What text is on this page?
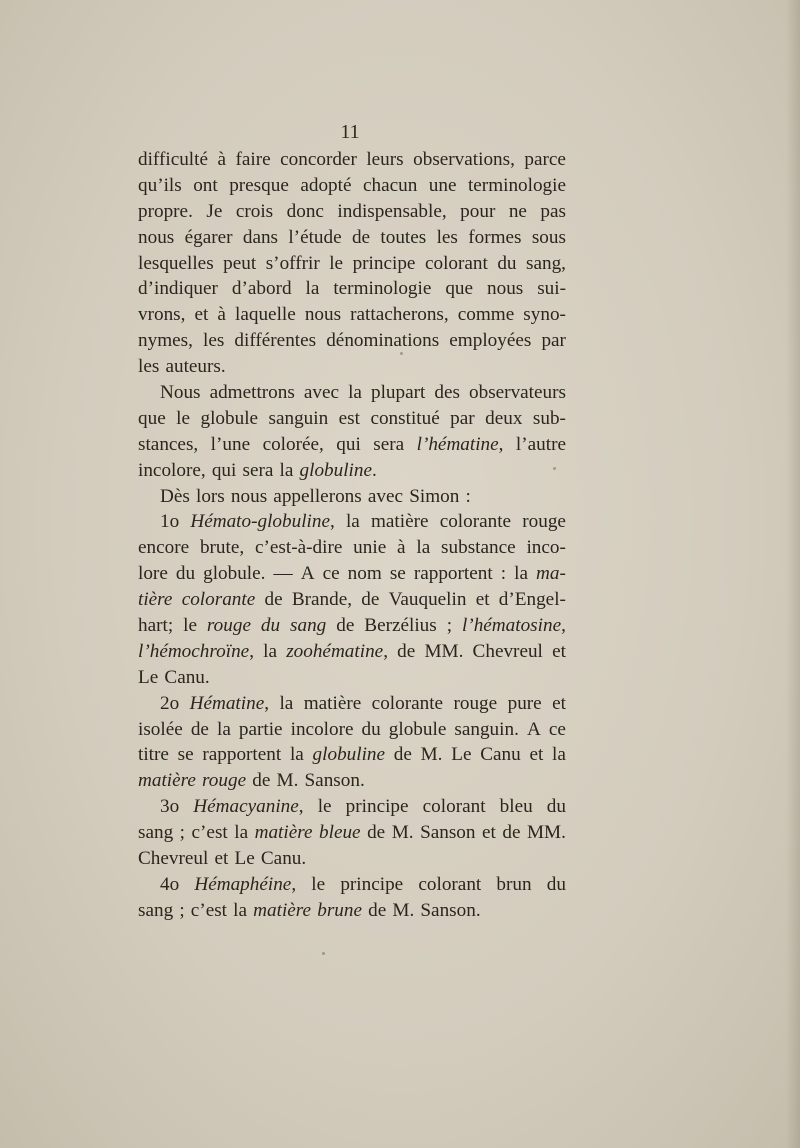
11
difficulté à faire concorder leurs observations, parce
qu’ils ont presque adopté chacun une terminologie
propre. Je crois donc indispensable, pour ne pas
nous égarer dans l’étude de toutes les formes sous
lesquelles peut s’offrir le principe colorant du sang,
d’indiquer d’abord la terminologie que nous sui-
vrons, et à laquelle nous rattacherons, comme syno-
nymes, les différentes dénominations employées par
les auteurs.
Nous admettrons avec la plupart des observateurs
que le globule sanguin est constitué par deux sub-
stances, l’une colorée, qui sera l’hématine, l’autre
incolore, qui sera la globuline.
Dès lors nous appellerons avec Simon :
1o Hémato-globuline, la matière colorante rouge
encore brute, c’est-à-dire unie à la substance inco-
lore du globule. — A ce nom se rapportent : la ma-
tière colorante de Brande, de Vauquelin et d’Engel-
hart; le rouge du sang de Berzélius ; l’hématosine,
l’hémochroïne, la zoohématine, de MM. Chevreul et
Le Canu.
2o Hématine, la matière colorante rouge pure et
isolée de la partie incolore du globule sanguin. A ce
titre se rapportent la globuline de M. Le Canu et la
matière rouge de M. Sanson.
3o Hémacyanine, le principe colorant bleu du
sang ; c’est la matière bleue de M. Sanson et de MM.
Chevreul et Le Canu.
4o Hémaphéine, le principe colorant brun du
sang ; c’est la matière brune de M. Sanson.
